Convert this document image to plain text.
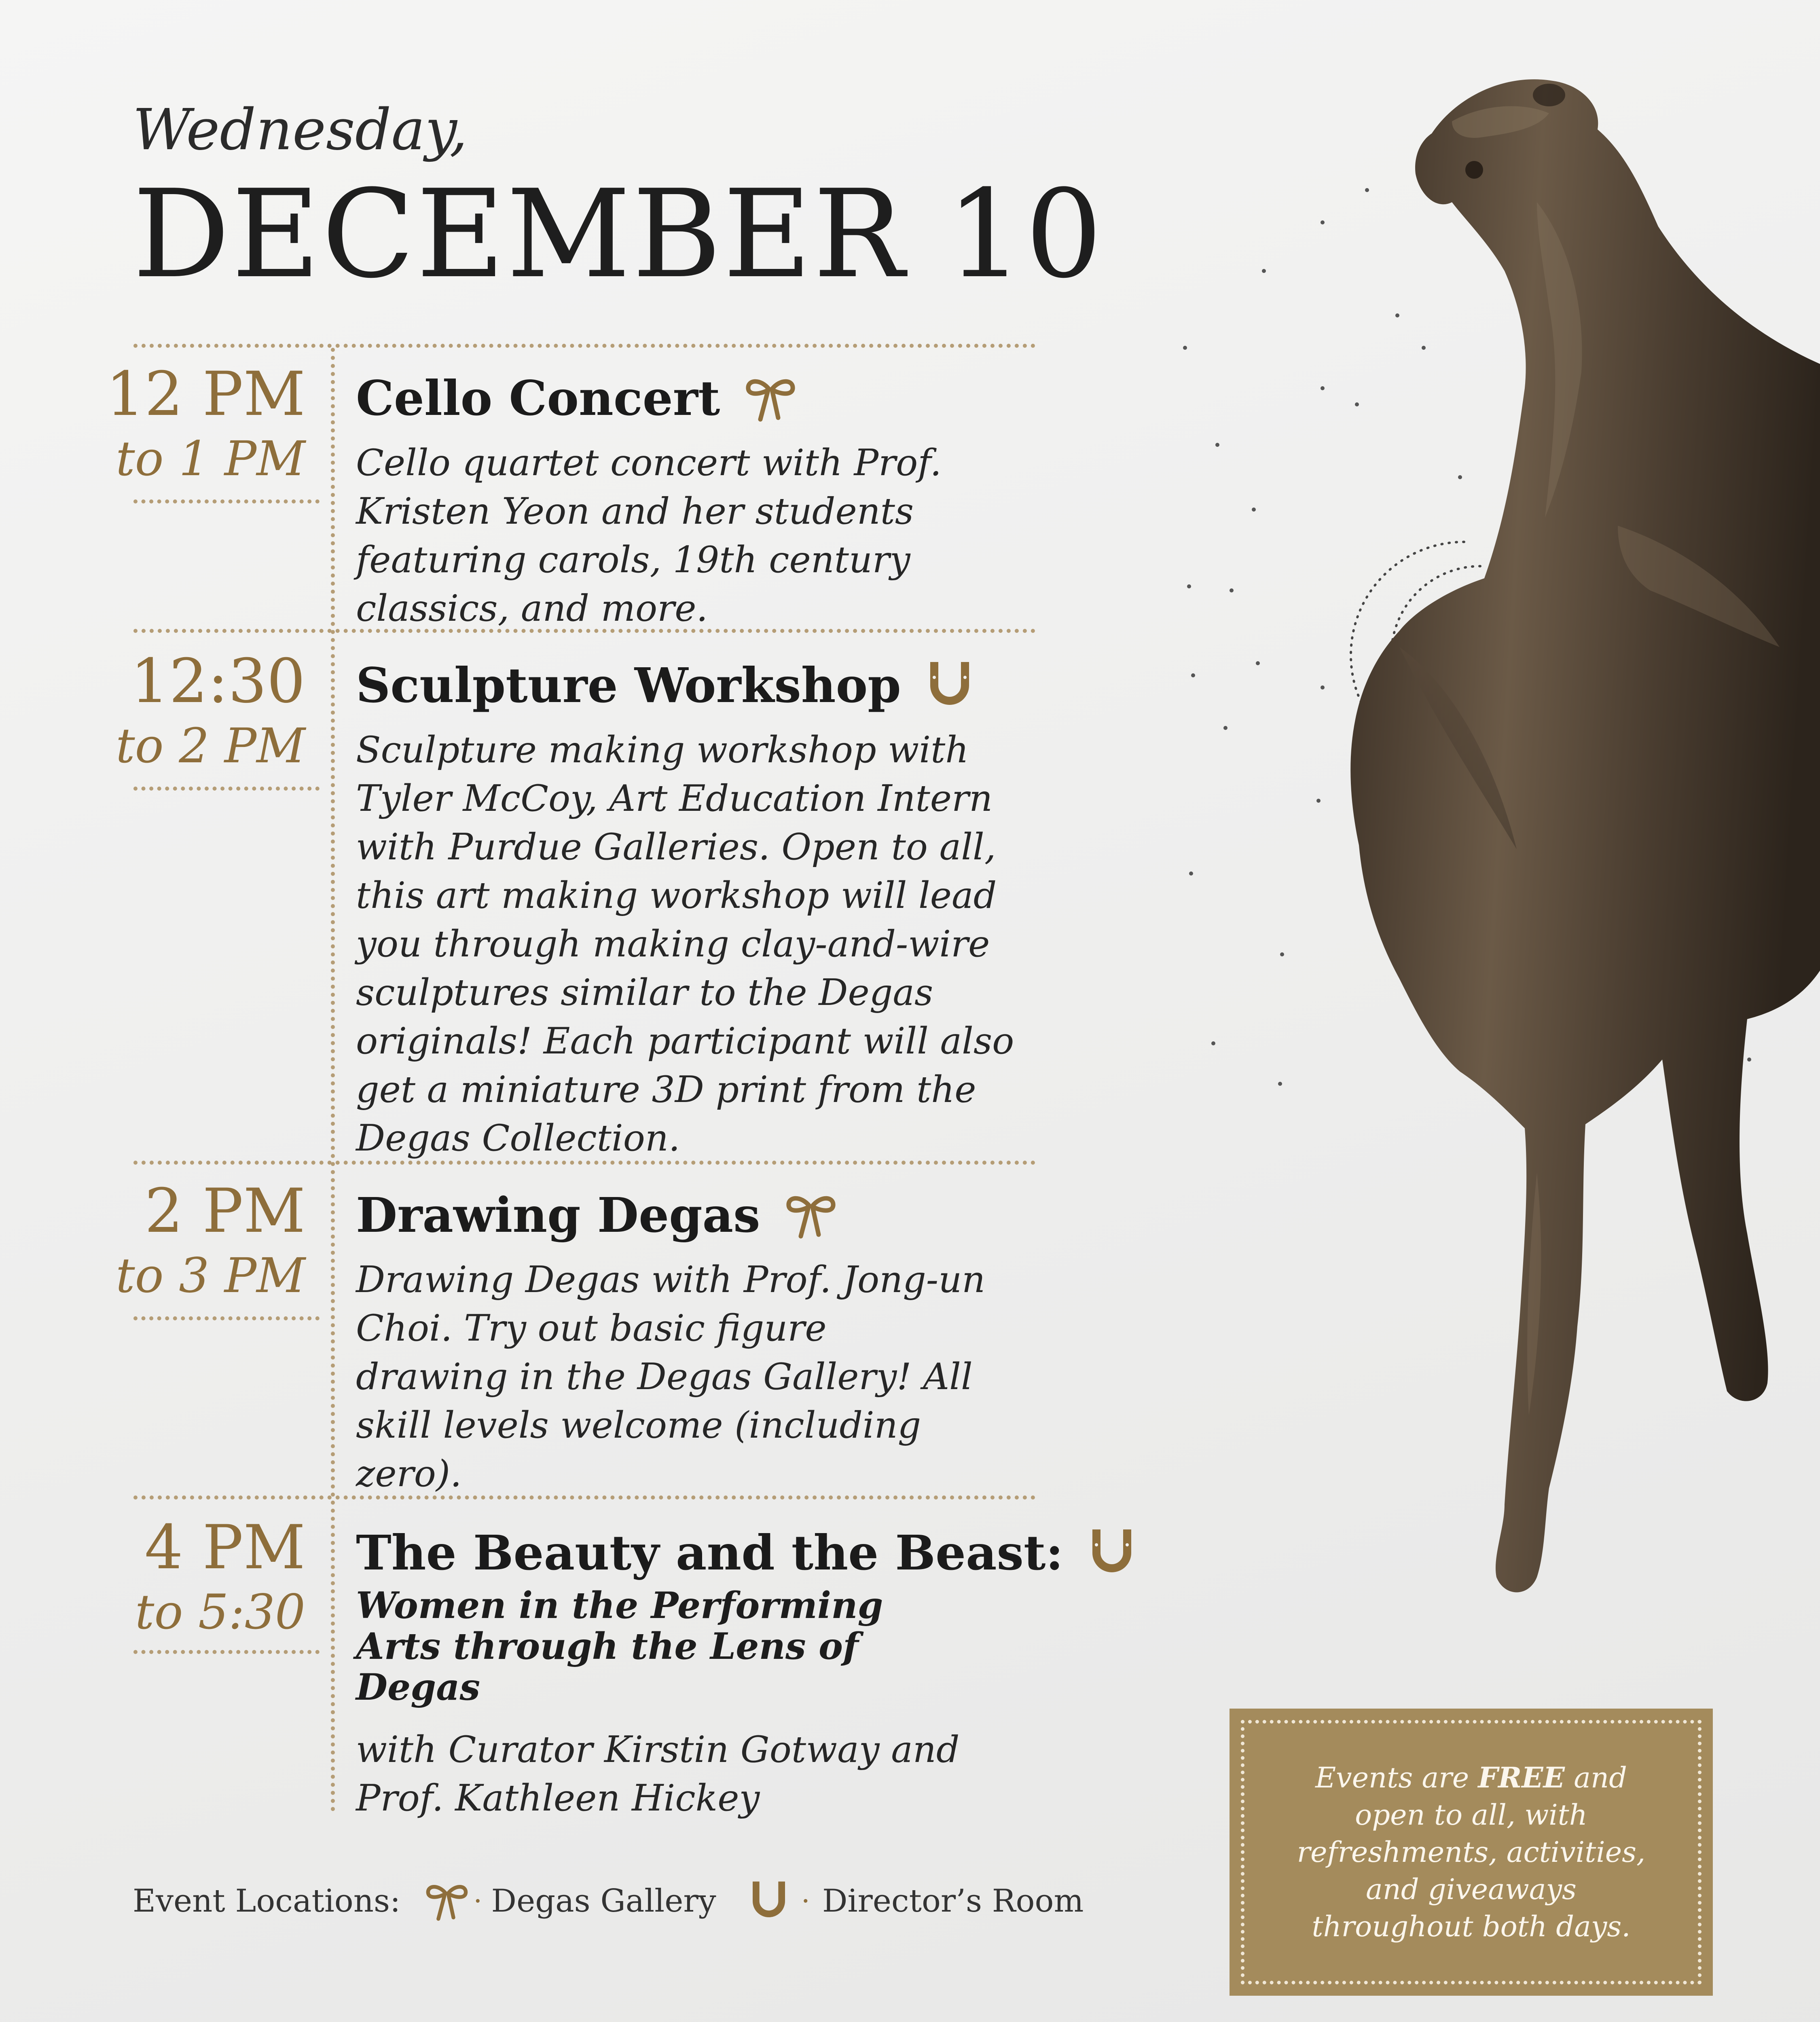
Wednesday,
DECEMBER 10
12 PM
to 1 PM
Cello Concert
Cello quartet concert with Prof. Kristen Yeon and her students featuring carols, 19th century classics, and more.
12:30
to 2 PM
Sculpture Workshop
Sculpture making workshop with Tyler McCoy, Art Education Intern with Purdue Galleries. Open to all, this art making workshop will lead you through making clay-and-wire sculptures similar to the Degas originals! Each participant will also get a miniature 3D print from the Degas Collection.
2 PM
to 3 PM
Drawing Degas
Drawing Degas with Prof. Jong-un Choi. Try out basic figure drawing in the Degas Gallery! All skill levels welcome (including zero).
4 PM
to 5:30
The Beauty and the Beast:
Women in the Performing Arts through the Lens of Degas
with Curator Kirstin Gotway and Prof. Kathleen Hickey
Event Locations:	· Degas Gallery	· Director’s Room
Events are FREE and open to all, with refreshments, activities, and giveaways throughout both days.
